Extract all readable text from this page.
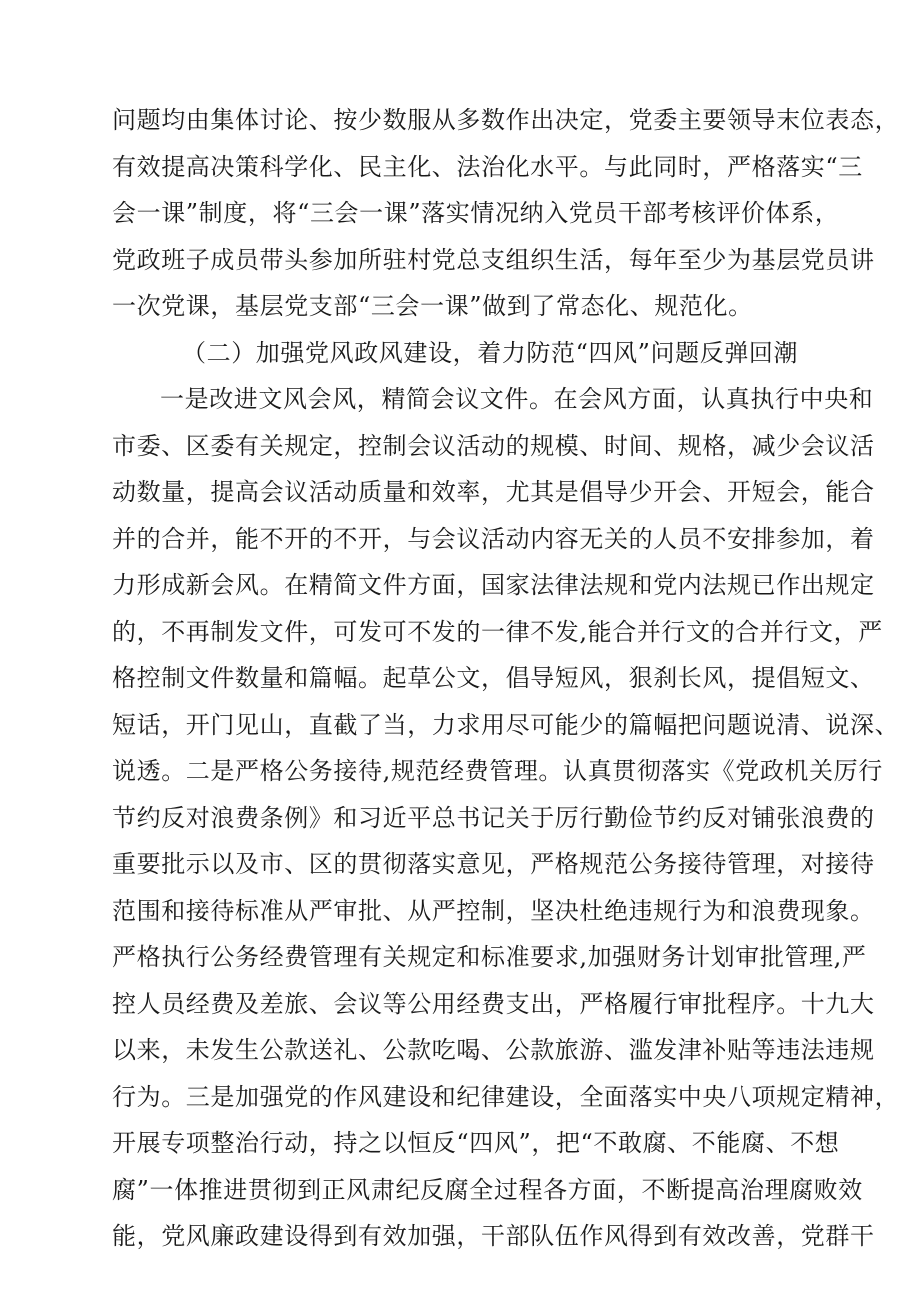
问题均由集体讨论、按少数服从多数作出决定，党委主要领导末位表态，
有效提高决策科学化、民主化、法治化水平。与此同时，严格落实“三
会一课”制度，将“三会一课”落实情况纳入党员干部考核评价体系，
党政班子成员带头参加所驻村党总支组织生活，每年至少为基层党员讲
一次党课，基层党支部“三会一课”做到了常态化、规范化。
（二）加强党风政风建设，着力防范“四风”问题反弹回潮
一是改进文风会风，精简会议文件。在会风方面，认真执行中央和
市委、区委有关规定，控制会议活动的规模、时间、规格，减少会议活
动数量，提高会议活动质量和效率，尤其是倡导少开会、开短会，能合
并的合并，能不开的不开，与会议活动内容无关的人员不安排参加，着
力形成新会风。在精简文件方面，国家法律法规和党内法规已作出规定
的，不再制发文件，可发可不发的一律不发,能合并行文的合并行文，严
格控制文件数量和篇幅。起草公文，倡导短风，狠刹长风，提倡短文、
短话，开门见山，直截了当，力求用尽可能少的篇幅把问题说清、说深、
说透。二是严格公务接待,规范经费管理。认真贯彻落实《党政机关厉行
节约反对浪费条例》和习近平总书记关于厉行勤俭节约反对铺张浪费的
重要批示以及市、区的贯彻落实意见，严格规范公务接待管理，对接待
范围和接待标准从严审批、从严控制，坚决杜绝违规行为和浪费现象。
严格执行公务经费管理有关规定和标准要求,加强财务计划审批管理,严
控人员经费及差旅、会议等公用经费支出，严格履行审批程序。十九大
以来，未发生公款送礼、公款吃喝、公款旅游、滥发津补贴等违法违规
行为。三是加强党的作风建设和纪律建设，全面落实中央八项规定精神，
开展专项整治行动，持之以恒反“四风”，把“不敢腐、不能腐、不想
腐”一体推进贯彻到正风肃纪反腐全过程各方面，不断提高治理腐败效
能，党风廉政建设得到有效加强，干部队伍作风得到有效改善，党群干
